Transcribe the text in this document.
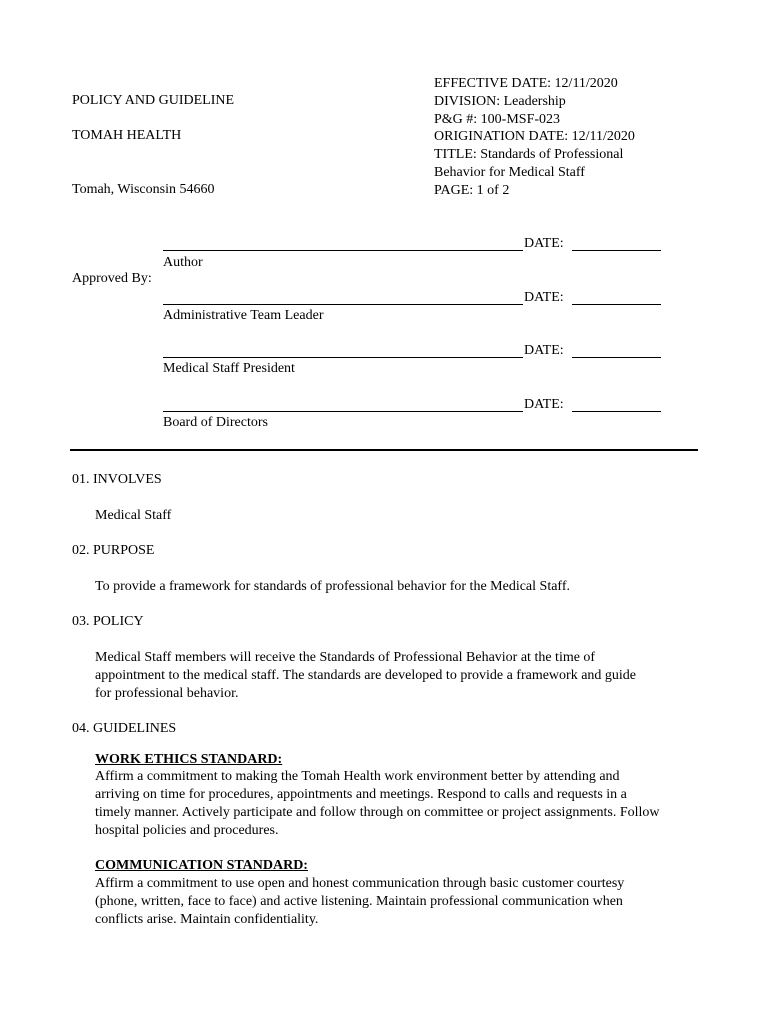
POLICY AND GUIDELINE
TOMAH HEALTH
Tomah, Wisconsin 54660
EFFECTIVE DATE: 12/11/2020
DIVISION: Leadership
P&G #: 100-MSF-023
ORIGINATION DATE: 12/11/2020
TITLE: Standards of Professional
Behavior for Medical Staff
PAGE: 1 of 2
Approved By:
DATE:
Author
DATE:
Administrative Team Leader
DATE:
Medical Staff President
DATE:
Board of Directors
01. INVOLVES
Medical Staff
02. PURPOSE
To provide a framework for standards of professional behavior for the Medical Staff.
03. POLICY
Medical Staff members will receive the Standards of Professional Behavior at the time of
appointment to the medical staff. The standards are developed to provide a framework and guide
for professional behavior.
04. GUIDELINES
WORK ETHICS STANDARD:
Affirm a commitment to making the Tomah Health work environment better by attending and
arriving on time for procedures, appointments and meetings. Respond to calls and requests in a
timely manner. Actively participate and follow through on committee or project assignments. Follow
hospital policies and procedures.
COMMUNICATION STANDARD:
Affirm a commitment to use open and honest communication through basic customer courtesy
(phone, written, face to face) and active listening. Maintain professional communication when
conflicts arise. Maintain confidentiality.
